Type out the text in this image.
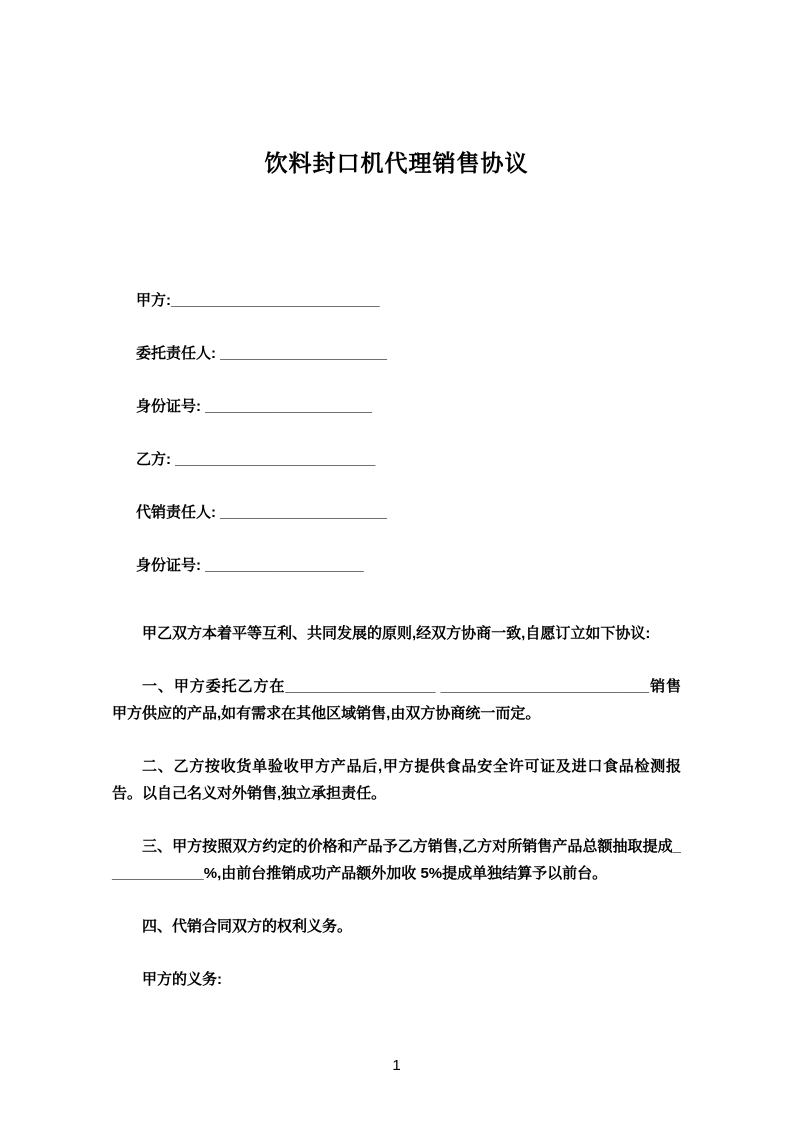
饮料封口机代理销售协议

甲方:_________________________

委托责任人: ____________________

身份证号: ____________________

乙方: ________________________

代销责任人: ____________________

身份证号: ___________________

甲乙双方本着平等互利、共同发展的原则,经双方协商一致,自愿订立如下协议:

一、甲方委托乙方在__________________ _________________________销售甲方供应的产品,如有需求在其他区域销售,由双方协商统一而定。

二、乙方按收货单验收甲方产品后,甲方提供食品安全许可证及进口食品检测报告。以自己名义对外销售,独立承担责任。

三、甲方按照双方约定的价格和产品予乙方销售,乙方对所销售产品总额抽取提成____________%,由前台推销成功产品额外加收 5%提成单独结算予以前台。

四、代销合同双方的权利义务。

甲方的义务:

1
